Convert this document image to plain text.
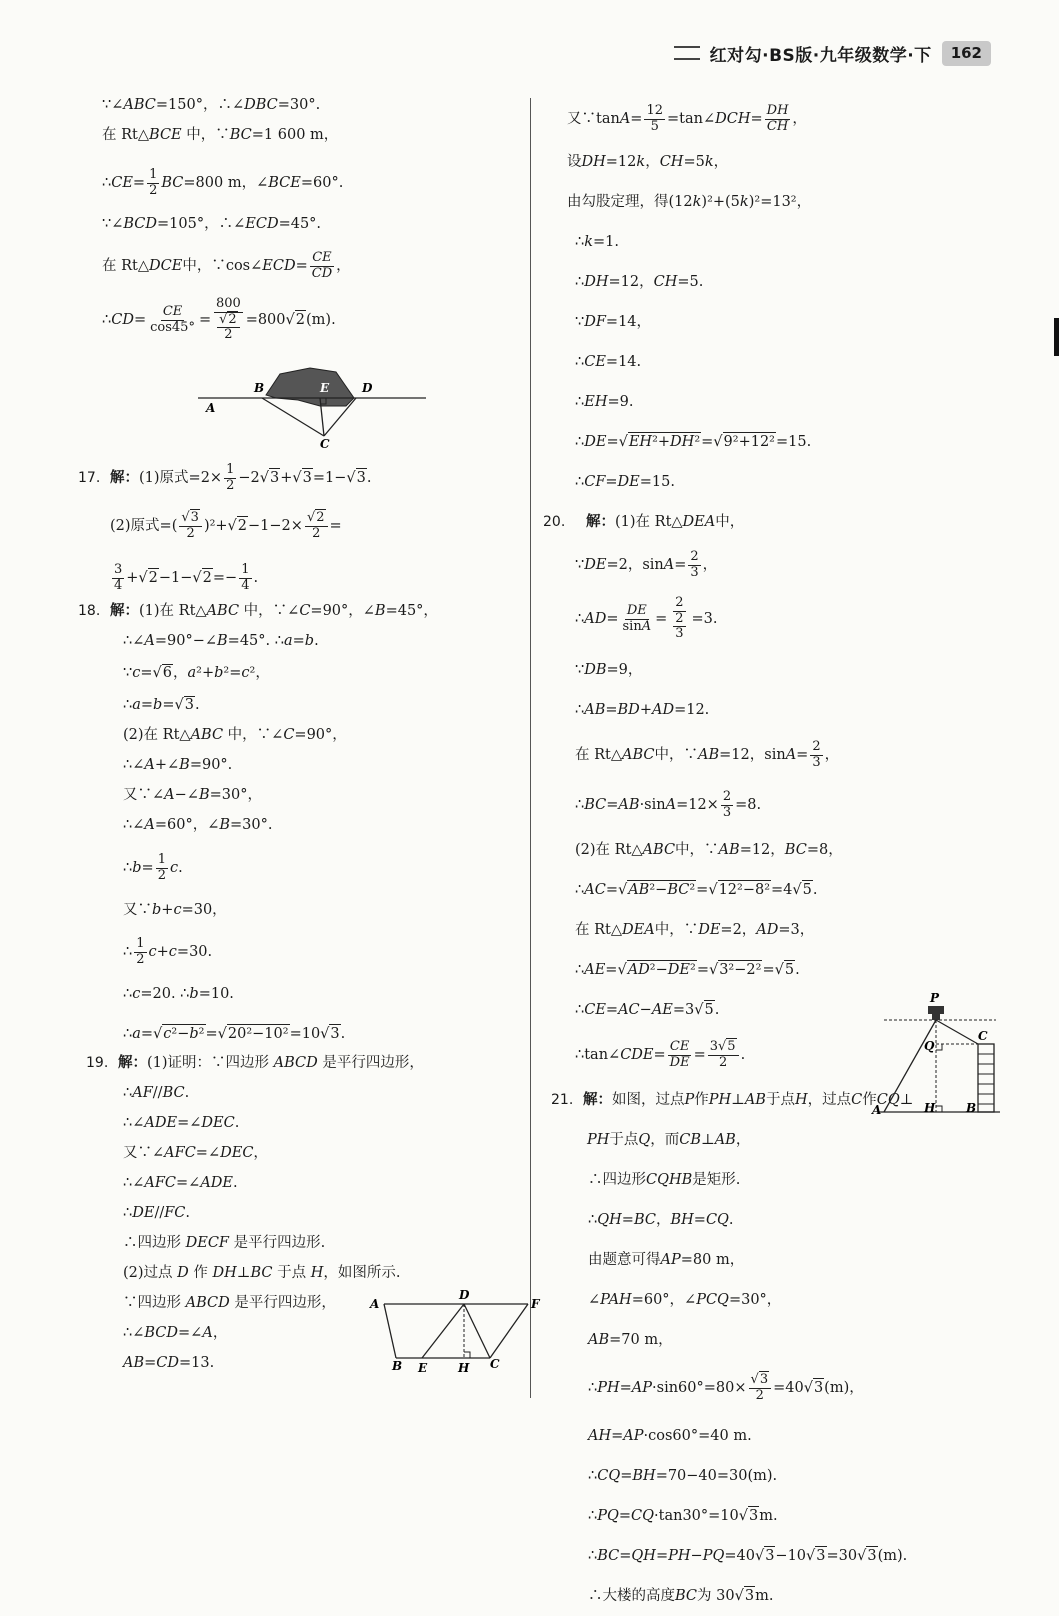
红对勾·BS版·九年级数学·下	162
∵∠ABC=150°，∴∠DBC=30°.
在 Rt△BCE 中，∵BC=1 600 m，
∴ CE = $\frac{1}{2}$ BC =800 m，∠ BCE =60°.
∵∠ BCD =105°，∴∠ ECD =45°.
在 Rt△ DCE 中，∵cos∠ ECD = $\frac{CE}{CD}$ ，
∴ CD = $\frac{CE}{\cos 45^\circ} = \frac{800}{\frac{√2}{2}} =800√$ 2 (m).
17. 解： (1)原式$=2\times \frac{1}{2} -2√$ 3 +√ 3 =1−√ 3 .
(2)原式=( $\frac{√3}{2} )^2+√$ $2 -1-2\times \frac{√2}{2}$ =
$\frac{3}{4}$ +√ 2 −1−√ $2 =- \frac{1}{4}$ .
18. 解：(1)在 Rt△ABC 中，∵∠C=90°，∠B=45°，
∴∠A=90°−∠B=45°. ∴a=b.
∵c=√6，a²+b²=c²，
∴a=b=√3.
(2)在 Rt△ABC 中，∵∠C=90°，
∴∠A+∠B=90°.
又∵∠A−∠B=30°，
∴∠A=60°，∠B=30°.
∴ $b = \frac{1}{2}$ c .
又∵ b + c =30，
∴ $\frac{1}{2}$ c + c =30.
∴ c =20. ∴ b =10.
∴ a =√ c²−b² =√ 20²−10² =10√ 3 .
19. 解：(1)证明：∵四边形 ABCD 是平行四边形，
∴AF//BC.
∴∠ADE=∠DEC.
又∵∠AFC=∠DEC，
∴∠AFC=∠ADE.
∴DE//FC.
∴四边形 DECF 是平行四边形.
(2)过点 D 作 DH⊥BC 于点 H，如图所示.
∵四边形 ABCD 是平行四边形，
∴∠BCD=∠A，
AB=CD=13.
又∵tan $A = \frac{12}{5}$ =tan∠ DCH = $\frac{DH}{CH}$ ，
设 DH =12 k ， CH =5 k ，
由勾股定理，得(12 k )²+(5 k )²=13²，
∴ k =1.
∴ DH =12， CH =5.
∵ DF =14，
∴ CE =14.
∴ EH =9.
∴ DE =√ EH²+DH² =√ 9²+12² =15.
∴ CF = DE =15.
20.	解： (1)在 Rt△ DEA 中，
∵ DE =2，$\sin A = \frac{2}{3}$ ，
∴ AD = $\frac{DE}{\sin A} = \frac{2}{\frac{2}{3}} =3$.
∵ DB =9，
∴ AB = BD + AD =12.
在 Rt△ ABC 中，∵ AB =12，$\sin A = \frac{2}{3}$ ，
∴ BC = AB ·sin $A =12\times \frac{2}{3} =8$.
(2)在 Rt△ ABC 中，∵ AB =12， BC =8，
∴ AC =√ AB²−BC² =√ 12²−8² =4√ 5 .
在 Rt△ DEA 中，∵ DE =2， AD =3，
∴ AE =√ AD²−DE² =√ 3²−2² =√ 5 .
∴ CE = AC − AE =3√ 5 .
∴tan∠ CDE = $\frac{CE}{DE} = \frac{3√5}{2}$ .
21. 解： 如图，过点 P 作 PH ⊥ AB 于点 H ，过点 C 作 CQ ⊥
PH 于点 Q ，而 CB ⊥ AB ，
∴四边形 CQHB 是矩形.
∴ QH = BC ， BH = CQ .
由题意可得 AP =80 m，
∠ PAH =60°，∠ PCQ =30°，
AB =70 m，
∴ PH = AP $\cdot\sin 60^\circ=80\times \frac{√3}{2} =40√$ 3 (m)，
AH = AP ·cos60°=40 m.
∴ CQ = BH =70−40=30(m).
∴ PQ = CQ ·tan30°=10√ 3 m.
∴ BC = QH = PH − PQ =40√ 3 −10√ 3 =30√ 3 (m).
∴大楼的高度 BC 为 30√ 3 m.
A
B	E	D
C
A
D
F
B E	H C
P
C
Q
A	H	B
